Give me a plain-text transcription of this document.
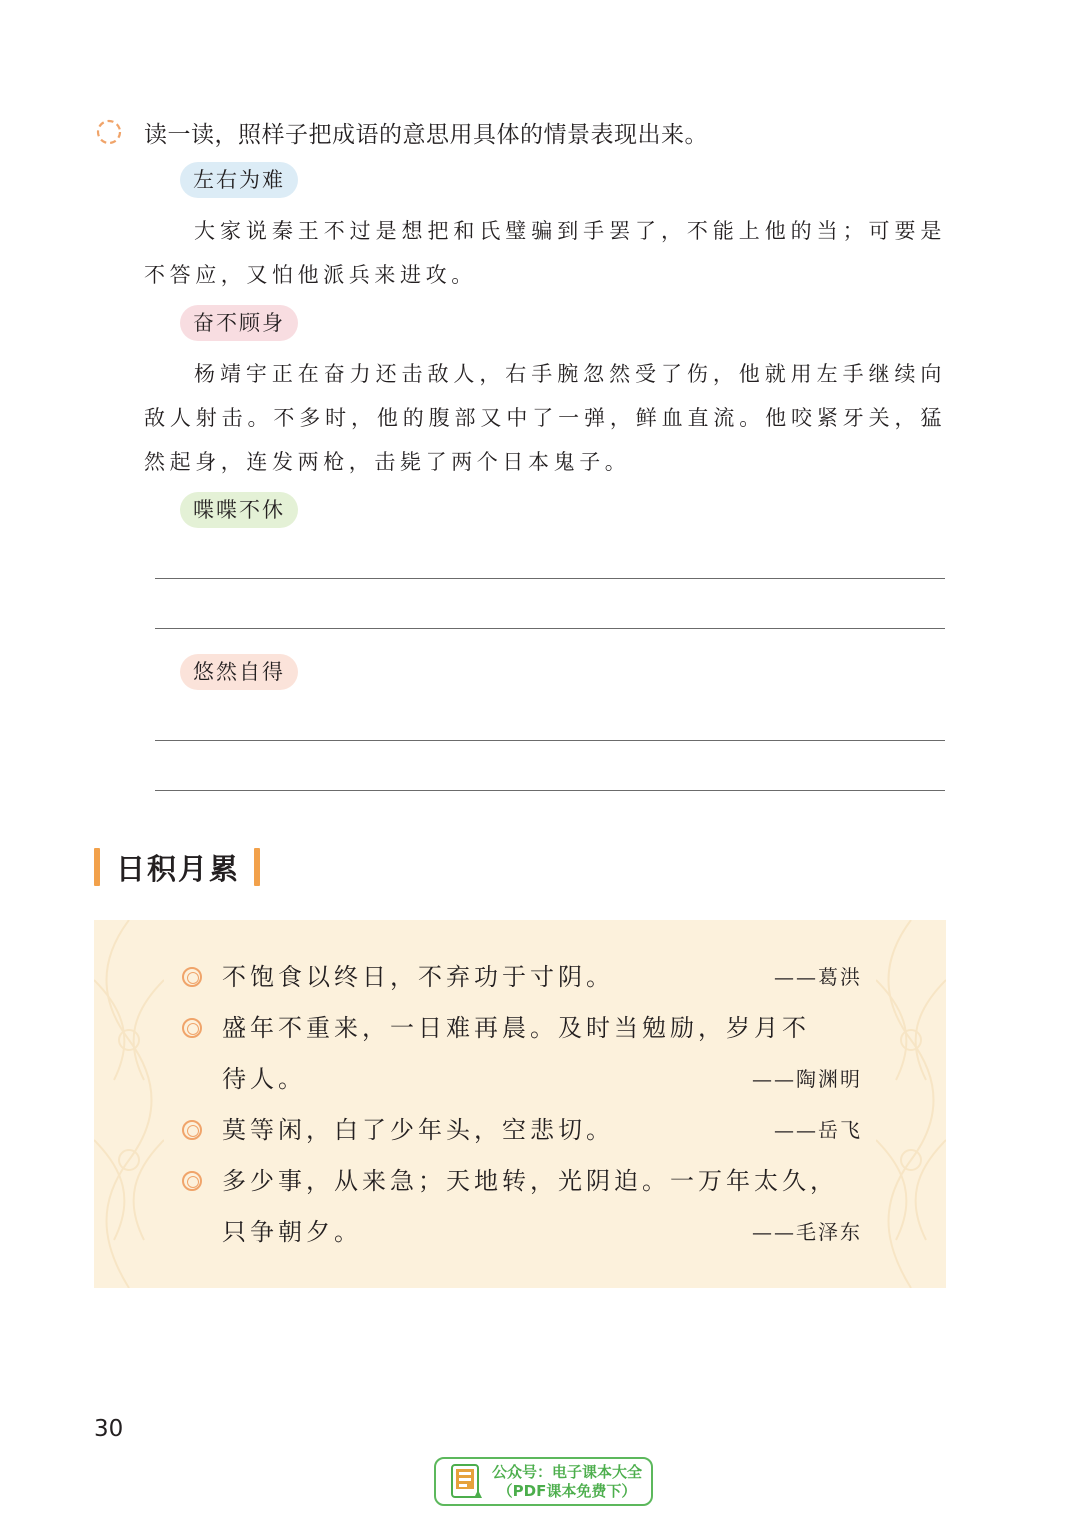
读一读，照样子把成语的意思用具体的情景表现出来。
左右为难

大家说秦王不过是想把和氏璧骗到手罢了，不能上他的当；可要是不答应，又怕他派兵来进攻。

奋不顾身

杨靖宇正在奋力还击敌人，右手腕忽然受了伤，他就用左手继续向敌人射击。不多时，他的腹部又中了一弹，鲜血直流。他咬紧牙关，猛然起身，连发两枪，击毙了两个日本鬼子。

喋喋不休
悠然自得
日积月累
不饱食以终日，不弃功于寸阴。	——葛洪
盛年不重来，一日难再晨。及时当勉励，岁月不
待人。	——陶渊明
莫等闲，白了少年头，空悲切。	——岳飞
多少事，从来急；天地转，光阴迫。一万年太久，
只争朝夕。	——毛泽东
30
公众号：电子课本大全
（PDF课本免费下）
